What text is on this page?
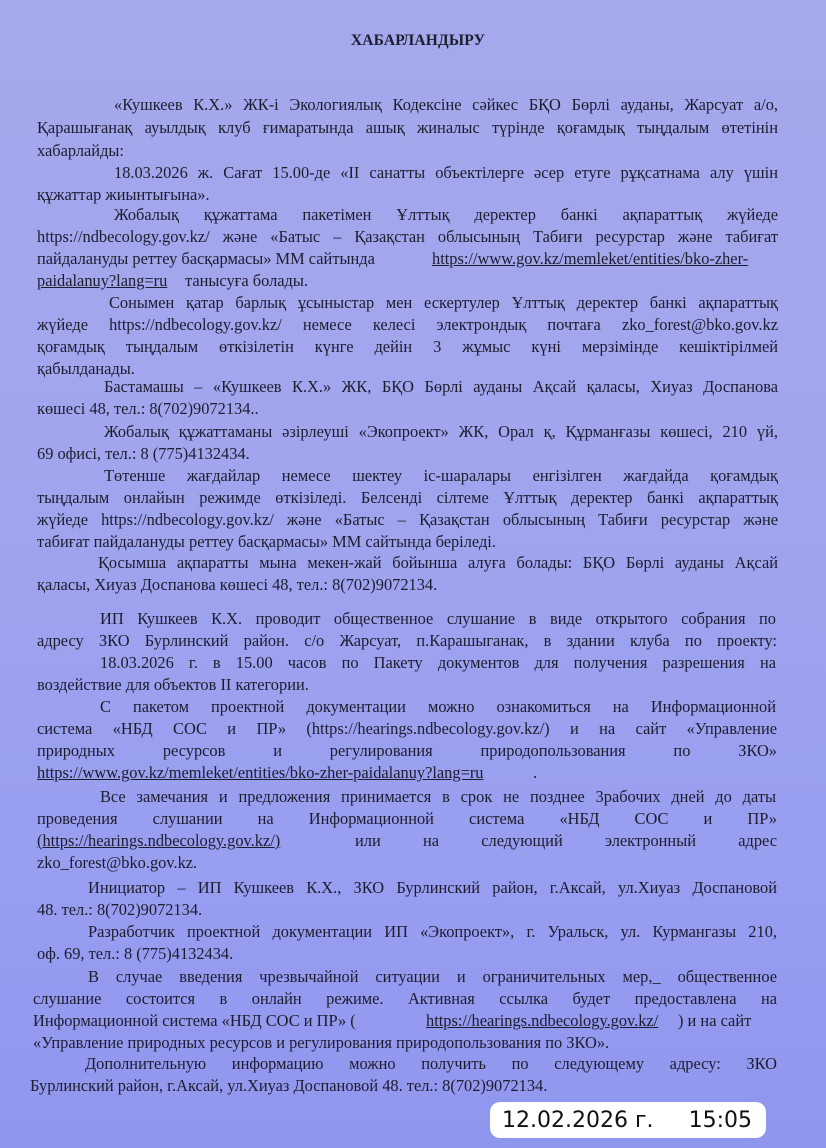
ХАБАРЛАНДЫРУ
«Кушкеев К.Х.» ЖК-і Экологиялық Кодексіне сәйкес БҚО Бөрлі ауданы, Жарсуат а/о,
Қарашығанақ ауылдық клуб ғимаратында ашық жиналыс түрінде қоғамдық тыңдалым өтетінін
хабарлайды:
18.03.2026 ж. Сағат 15.00-де «II санатты объектілерге әсер етуге рұқсатнама алу үшін
құжаттар жиынтығына».
Жобалық құжаттама пакетімен Ұлттық деректер банкі ақпараттық жүйеде
https://ndbecology.gov.kz/ және «Батыс – Қазақстан облысының Табиғи ресурстар және табиғат
пайдалануды реттеу басқармасы» ММ сайтында	https://www.gov.kz/memleket/entities/bko-zher-
paidalanuy?lang=ru танысуға болады.
Сонымен қатар барлық ұсыныстар мен ескертулер Ұлттық деректер банкі ақпараттық
жүйеде https://ndbecology.gov.kz/ немесе келесі электрондық почтаға zko_forest@bko.gov.kz
қоғамдық тыңдалым өткізілетін күнге дейін 3 жұмыс күні мерзімінде кешіктірілмей
қабылданады.
Бастамашы – «Кушкеев К.Х.» ЖК, БҚО Бөрлі ауданы Ақсай қаласы, Хиуаз Доспанова
көшесі 48, тел.: 8(702)9072134..
Жобалық құжаттаманы әзірлеуші «Экопроект» ЖК, Орал қ, Құрманғазы көшесі, 210 үй,
69 офисі, тел.: 8 (775)4132434.
Төтенше жағдайлар немесе шектеу іс-шаралары енгізілген жағдайда қоғамдық
тыңдалым онлайын режимде өткізіледі. Белсенді сілтеме Ұлттық деректер банкі ақпараттық
жүйеде https://ndbecology.gov.kz/ және «Батыс – Қазақстан облысының Табиғи ресурстар және
табиғат пайдалануды реттеу басқармасы» ММ сайтында беріледі.
Қосымша ақпаратты мына мекен-жай бойынша алуға болады: БҚО Бөрлі ауданы Ақсай
қаласы, Хиуаз Доспанова көшесі 48, тел.: 8(702)9072134.
ИП Кушкеев К.Х. проводит общественное слушание в виде открытого собрания по
адресу ЗКО Бурлинский район. с/о Жарсуат, п.Карашыганак, в здании клуба по проекту:
18.03.2026 г. в 15.00 часов по Пакету документов для получения разрешения на
воздействие для объектов II категории.
С пакетом проектной документации можно ознакомиться на Информационной
система «НБД СОС и ПР» (https://hearings.ndbecology.gov.kz/) и на сайт «Управление
природных ресурсов и регулирования природопользования по ЗКО»
https://www.gov.kz/memleket/entities/bko-zher-paidalanuy?lang=ru	.
Все замечания и предложения принимается в срок не позднее 3рабочих дней до даты
проведения слушании на Информационной система «НБД СОС и ПР»
(https://hearings.ndbecology.gov.kz/)	или на следующий электронный адрес
zko_forest@bko.gov.kz.
Инициатор – ИП Кушкеев К.Х., ЗКО Бурлинский район, г.Аксай, ул.Хиуаз Доспановой
48. тел.: 8(702)9072134.
Разработчик проектной документации ИП «Экопроект», г. Уральск, ул. Курмангазы 210,
оф. 69, тел.: 8 (775)4132434.
В случае введения чрезвычайной ситуации и ограничительных мер,_ общественное
слушание состоится в онлайн режиме. Активная ссылка будет предоставлена на
Информационной система «НБД СОС и ПР» (	https://hearings.ndbecology.gov.kz/ ) и на сайт
«Управление природных ресурсов и регулирования природопользования по ЗКО».
Дополнительную информацию можно получить по следующему адресу: ЗКО
Бурлинский район, г.Аксай, ул.Хиуаз Доспановой 48. тел.: 8(702)9072134.
12.02.2026 г.	15:05
